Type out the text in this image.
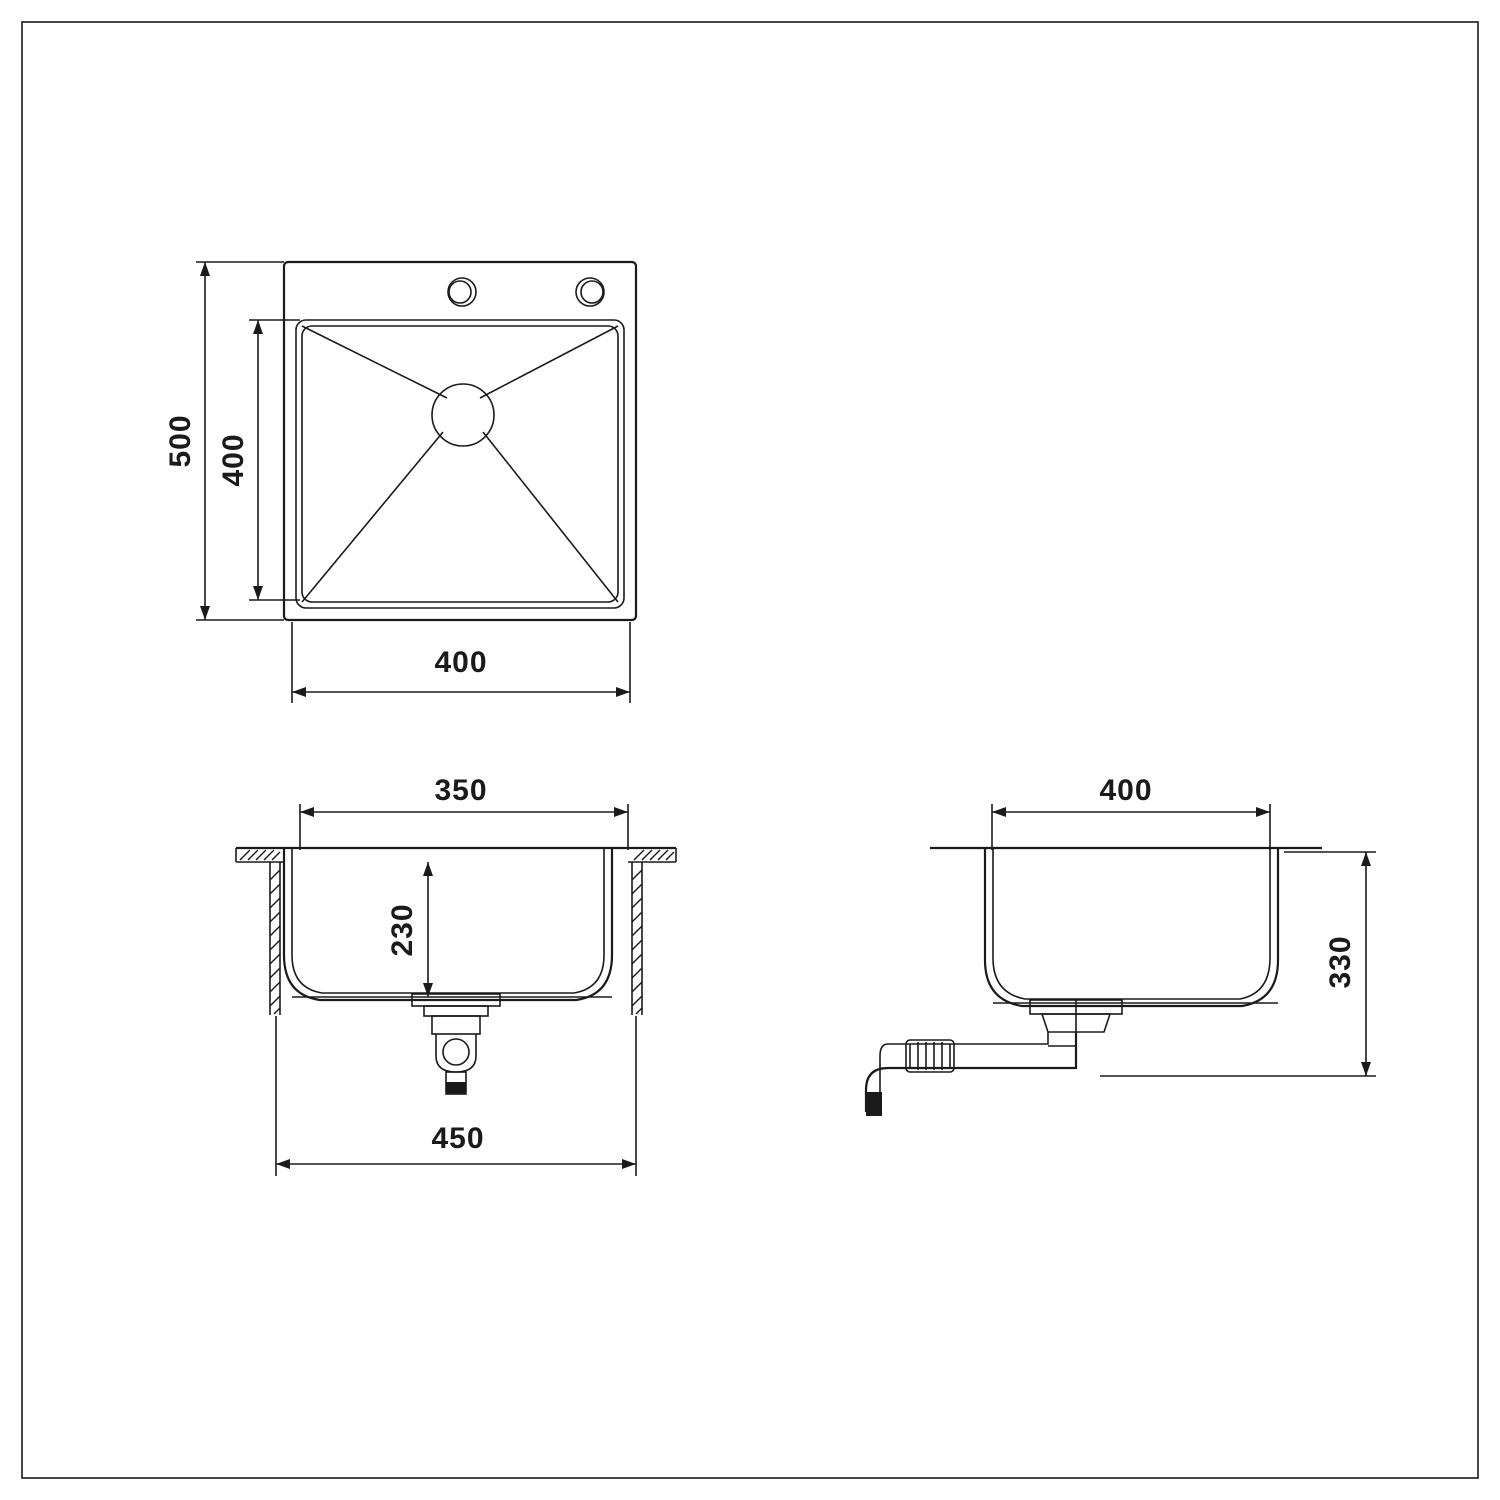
500 400
400
350
230
450
400
330
